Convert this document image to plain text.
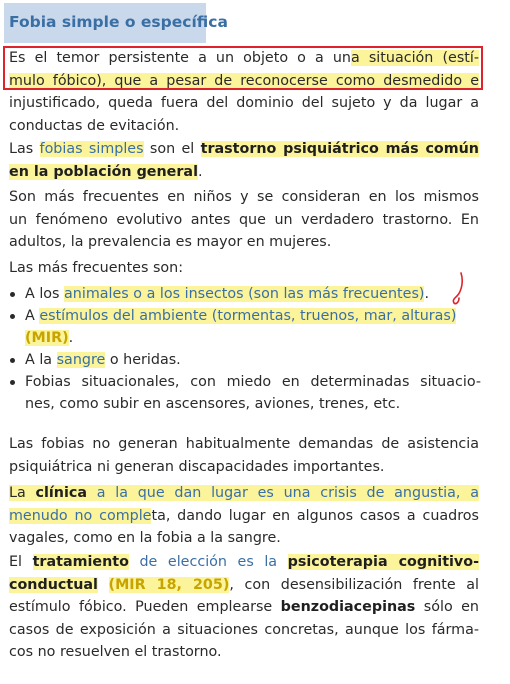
Fobia simple o específica
Es el temor persistente a un objeto o a una situación (estí-
mulo fóbico), que a pesar de reconocerse como desmedido e
injustificado, queda fuera del dominio del sujeto y da lugar a
conductas de evitación.
Las fobias simples son el trastorno psiquiátrico más común
en la población general.
Son más frecuentes en niños y se consideran en los mismos
un fenómeno evolutivo antes que un verdadero trastorno. En
adultos, la prevalencia es mayor en mujeres.
Las más frecuentes son:
A los animales o a los insectos (son las más frecuentes).
A estímulos del ambiente (tormentas, truenos, mar, alturas)
(MIR).
A la sangre o heridas.
Fobias situacionales, con miedo en determinadas situacio-
nes, como subir en ascensores, aviones, trenes, etc.
Las fobias no generan habitualmente demandas de asistencia
psiquiátrica ni generan discapacidades importantes.
La clínica a la que dan lugar es una crisis de angustia, a
menudo no completa, dando lugar en algunos casos a cuadros
vagales, como en la fobia a la sangre.
El tratamiento de elección es la psicoterapia cognitivo-
conductual (MIR 18, 205), con desensibilización frente al
estímulo fóbico. Pueden emplearse benzodiacepinas sólo en
casos de exposición a situaciones concretas, aunque los fárma-
cos no resuelven el trastorno.
